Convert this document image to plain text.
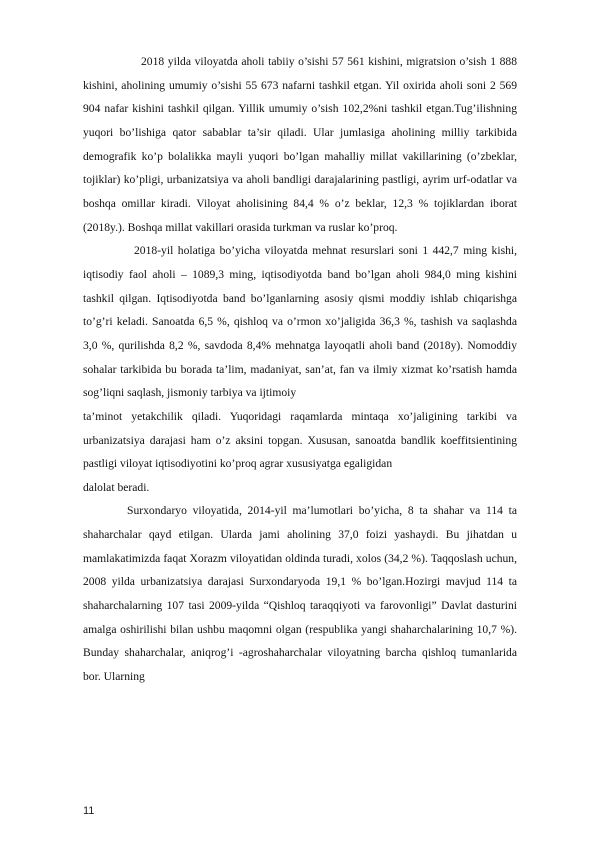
2018 yilda viloyatda aholi tabiiy o’sishi 57 561 kishini, migratsion o’sish 1 888 kishini, aholining umumiy o’sishi 55 673 nafarni tashkil etgan. Yil oxirida aholi soni 2 569 904 nafar kishini tashkil qilgan. Yillik umumiy o’sish 102,2%ni tashkil etgan.Tug’ilishning yuqori bo’lishiga qator sabablar ta’sir qiladi. Ular jumlasiga aholining milliy tarkibida demografik ko’p bolalikka mayli yuqori bo’lgan mahalliy millat vakillarining (o’zbeklar, tojiklar) ko’pligi, urbanizatsiya va aholi bandligi darajalarining pastligi, ayrim urf-odatlar va boshqa omillar kiradi. Viloyat aholisining 84,4 % o’z beklar, 12,3 % tojiklardan iborat (2018y.). Boshqa millat vakillari orasida turkman va ruslar ko’proq.

2018-yil holatiga bo’yicha viloyatda mehnat resurslari soni 1 442,7 ming kishi, iqtisodiy faol aholi – 1089,3 ming, iqtisodiyotda band bo’lgan aholi 984,0 ming kishini tashkil qilgan. Iqtisodiyotda band bo’lganlarning asosiy qismi moddiy ishlab chiqarishga to’g’ri keladi. Sanoatda 6,5 %, qishloq va o’rmon xo’jaligida 36,3 %, tashish va saqlashda 3,0 %, qurilishda 8,2 %, savdoda 8,4% mehnatga layoqatli aholi band (2018y). Nomoddiy sohalar tarkibida bu borada ta’lim, madaniyat, san’at, fan va ilmiy xizmat ko’rsatish hamda sog’liqni saqlash, jismoniy tarbiya va ijtimoiy

ta’minot yetakchilik qiladi. Yuqoridagi raqamlarda mintaqa xo’jaligining tarkibi va urbanizatsiya darajasi ham o’z aksini topgan. Xususan, sanoatda bandlik koeffitsientining pastligi viloyat iqtisodiyotini ko’proq agrar xususiyatga egaligidan

dalolat beradi.

Surxondaryo viloyatida, 2014-yil ma’lumotlari bo’yicha, 8 ta shahar va 114 ta shaharchalar qayd etilgan. Ularda jami aholining 37,0 foizi yashaydi. Bu jihatdan u mamlakatimizda faqat Xorazm viloyatidan oldinda turadi, xolos (34,2 %). Taqqoslash uchun, 2008 yilda urbanizatsiya darajasi Surxondaryoda 19,1 % bo’lgan.Hozirgi mavjud 114 ta shaharchalarning 107 tasi 2009-yilda “Qishloq taraqqiyoti va farovonligi” Davlat dasturini amalga oshirilishi bilan ushbu maqomni olgan (respublika yangi shaharchalarining 10,7 %). Bunday shaharchalar, aniqrog’i -agroshaharchalar viloyatning barcha qishloq tumanlarida bor. Ularning

11
